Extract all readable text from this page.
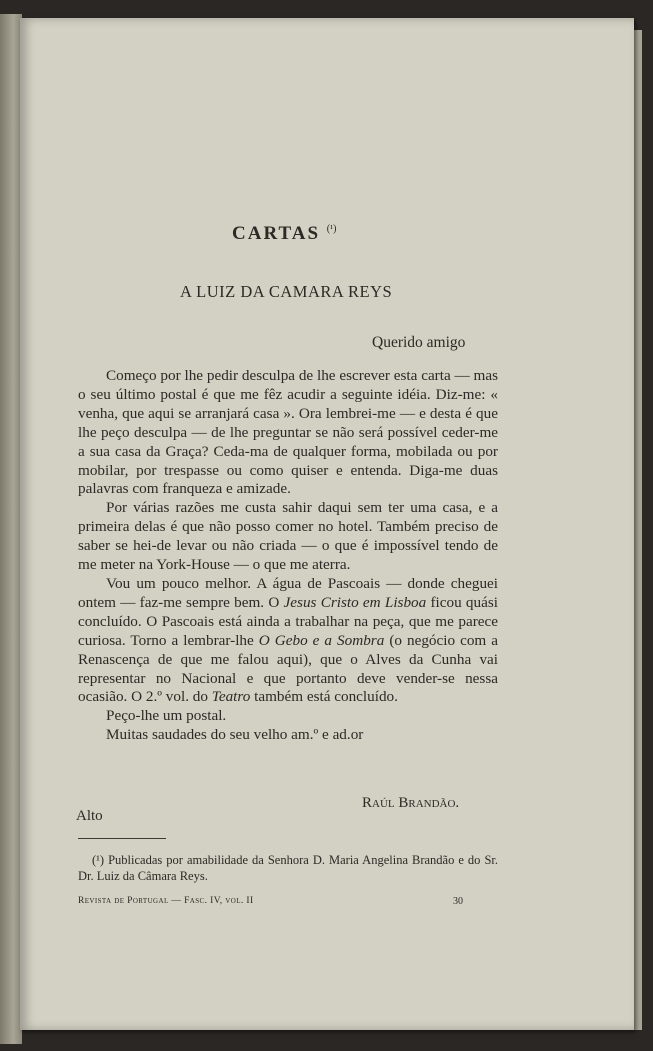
CARTAS $^{(^1)}$
A LUIZ DA CAMARA REYS
Querido amigo

Começo por lhe pedir desculpa de lhe escrever esta carta — mas o seu último postal é que me fêz acudir a seguinte idéia. Diz-me: « venha, que aqui se arranjará casa ». Ora lembrei-me — e desta é que lhe peço desculpa — de lhe preguntar se não será possível ceder-me a sua casa da Graça? Ceda-ma de qualquer forma, mobilada ou por mobilar, por trespasse ou como quiser e entenda. Diga-me duas palavras com franqueza e amizade.

Por várias razões me custa sahir daqui sem ter uma casa, e a primeira delas é que não posso comer no hotel. Também preciso de saber se hei-de levar ou não criada — o que é impossível tendo de me meter na York-House — o que me aterra.

Vou um pouco melhor. A água de Pascoais — donde cheguei ontem — faz-me sempre bem. O Jesus Cristo em Lisboa ficou quási concluído. O Pascoais está ainda a trabalhar na peça, que me parece curiosa. Torno a lembrar-lhe O Gebo e a Sombra (o negócio com a Renascença de que me falou aqui), que o Alves da Cunha vai representar no Nacional e que portanto deve vender-se nessa ocasião. O 2.º vol. do Teatro também está concluído.

Peço-lhe um postal.

Muitas saudades do seu velho am.º e ad.or

Raúl Brandão.
Alto

(¹) Publicadas por amabilidade da Senhora D. Maria Angelina Brandão e do Sr. Dr. Luiz da Câmara Reys.

Revista de Portugal — Fasc. IV, vol. II	30
